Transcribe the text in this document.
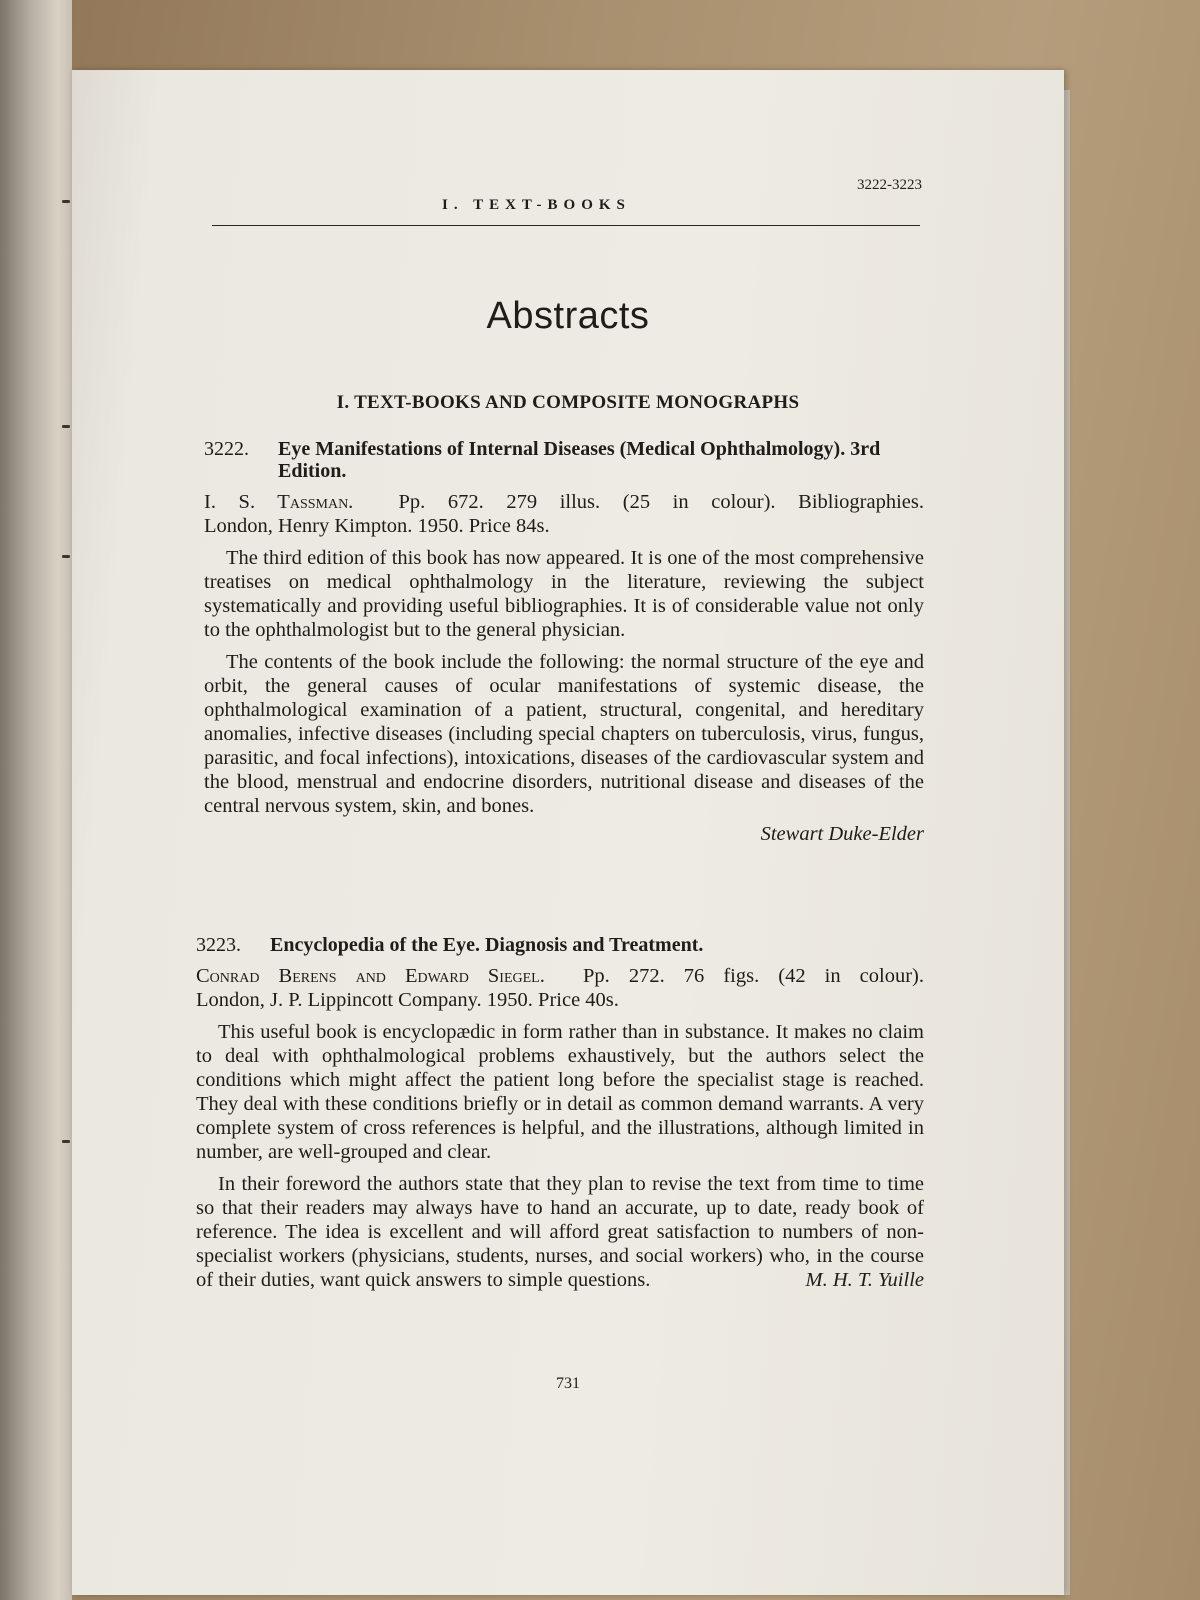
I. TEXT-BOOKS
3222-3223
Abstracts
I. TEXT-BOOKS AND COMPOSITE MONOGRAPHS
3222.	Eye Manifestations of Internal Diseases (Medical Ophthalmology). 3rd Edition.
I. S. Tassman. Pp. 672. 279 illus. (25 in colour). Bibliographies.
London, Henry Kimpton. 1950. Price 84s.

The third edition of this book has now appeared. It is one of the most comprehensive treatises on medical ophthalmology in the literature, reviewing the subject systematically and providing useful bibliographies. It is of considerable value not only to the ophthalmologist but to the general physician.

The contents of the book include the following: the normal structure of the eye and orbit, the general causes of ocular manifestations of systemic disease, the ophthalmological examination of a patient, structural, congenital, and hereditary anomalies, infective diseases (including special chapters on tuberculosis, virus, fungus, parasitic, and focal infections), intoxications, diseases of the cardiovascular system and the blood, menstrual and endocrine disorders, nutritional disease and diseases of the central nervous system, skin, and bones.

Stewart Duke-Elder
3223.	Encyclopedia of the Eye. Diagnosis and Treatment.
Conrad Berens and Edward Siegel. Pp. 272. 76 figs. (42 in colour).
London, J. P. Lippincott Company. 1950. Price 40s.

This useful book is encyclopædic in form rather than in substance. It makes no claim to deal with ophthalmological problems exhaustively, but the authors select the conditions which might affect the patient long before the specialist stage is reached. They deal with these conditions briefly or in detail as common demand warrants. A very complete system of cross references is helpful, and the illustrations, although limited in number, are well-grouped and clear.

In their foreword the authors state that they plan to revise the text from time to time so that their readers may always have to hand an accurate, up to date, ready book of reference. The idea is excellent and will afford great satisfaction to numbers of non-specialist workers (physicians, students, nurses, and social workers) who, in the course of their duties, want quick answers to simple questions.	M. H. T. Yuille

731
